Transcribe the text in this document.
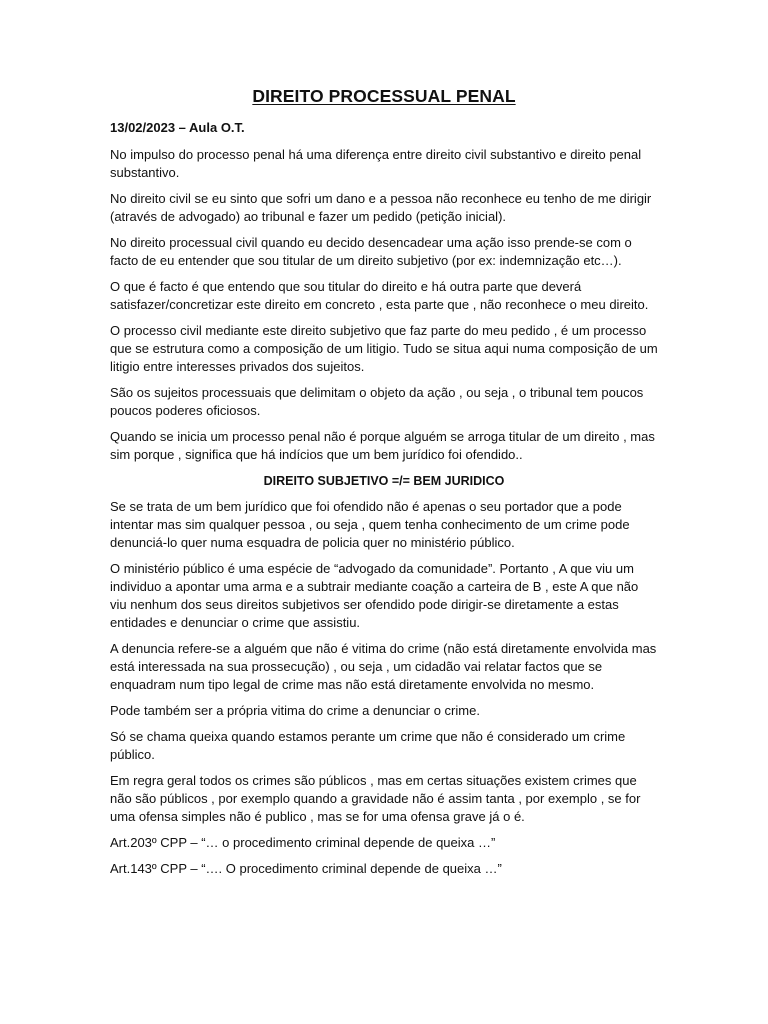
DIREITO PROCESSUAL PENAL

13/02/2023 – Aula O.T.

No impulso do processo penal há uma diferença entre direito civil substantivo e direito penal substantivo.

No direito civil se eu sinto que sofri um dano e a pessoa não reconhece eu tenho de me dirigir (através de advogado) ao tribunal e fazer um pedido (petição inicial).

No direito processual civil quando eu decido desencadear uma ação isso prende-se com o facto de eu entender que sou titular de um direito subjetivo (por ex: indemnização etc…).

O que é facto é que entendo que sou titular do direito e há outra parte que deverá satisfazer/concretizar este direito em concreto , esta parte que , não reconhece o meu direito.

O processo civil mediante este direito subjetivo que faz parte do meu pedido , é um processo que se estrutura como a composição de um litigio. Tudo se situa aqui numa composição de um litigio entre interesses privados dos sujeitos.

São os sujeitos processuais que delimitam o objeto da ação , ou seja , o tribunal tem poucos poucos poderes oficiosos.

Quando se inicia um processo penal não é porque alguém se arroga titular de um direito , mas sim porque , significa que há indícios que um bem jurídico foi ofendido..

DIREITO SUBJETIVO =/= BEM JURIDICO

Se se trata de um bem jurídico que foi ofendido não é apenas o seu portador que a pode intentar mas sim qualquer pessoa , ou seja , quem tenha conhecimento de um crime pode denunciá-lo quer numa esquadra de policia quer no ministério público.

O ministério público é uma espécie de “advogado da comunidade”. Portanto , A que viu um individuo a apontar uma arma e a subtrair mediante coação a carteira de B , este A que não viu nenhum dos seus direitos subjetivos ser ofendido pode dirigir-se diretamente a estas entidades e denunciar o crime que assistiu.

A denuncia refere-se a alguém que não é vitima do crime (não está diretamente envolvida mas está interessada na sua prossecução) , ou seja , um cidadão vai relatar factos que se enquadram num tipo legal de crime mas não está diretamente envolvida no mesmo.

Pode também ser a própria vitima do crime a denunciar o crime.

Só se chama queixa quando estamos perante um crime que não é considerado um crime público.

Em regra geral todos os crimes são públicos , mas em certas situações existem crimes que não são públicos , por exemplo quando a gravidade não é assim tanta , por exemplo , se for uma ofensa simples não é publico , mas se for uma ofensa grave já o é.

Art.203º CPP – “… o procedimento criminal depende de queixa …”

Art.143º CPP – “…. O procedimento criminal depende de queixa …”
